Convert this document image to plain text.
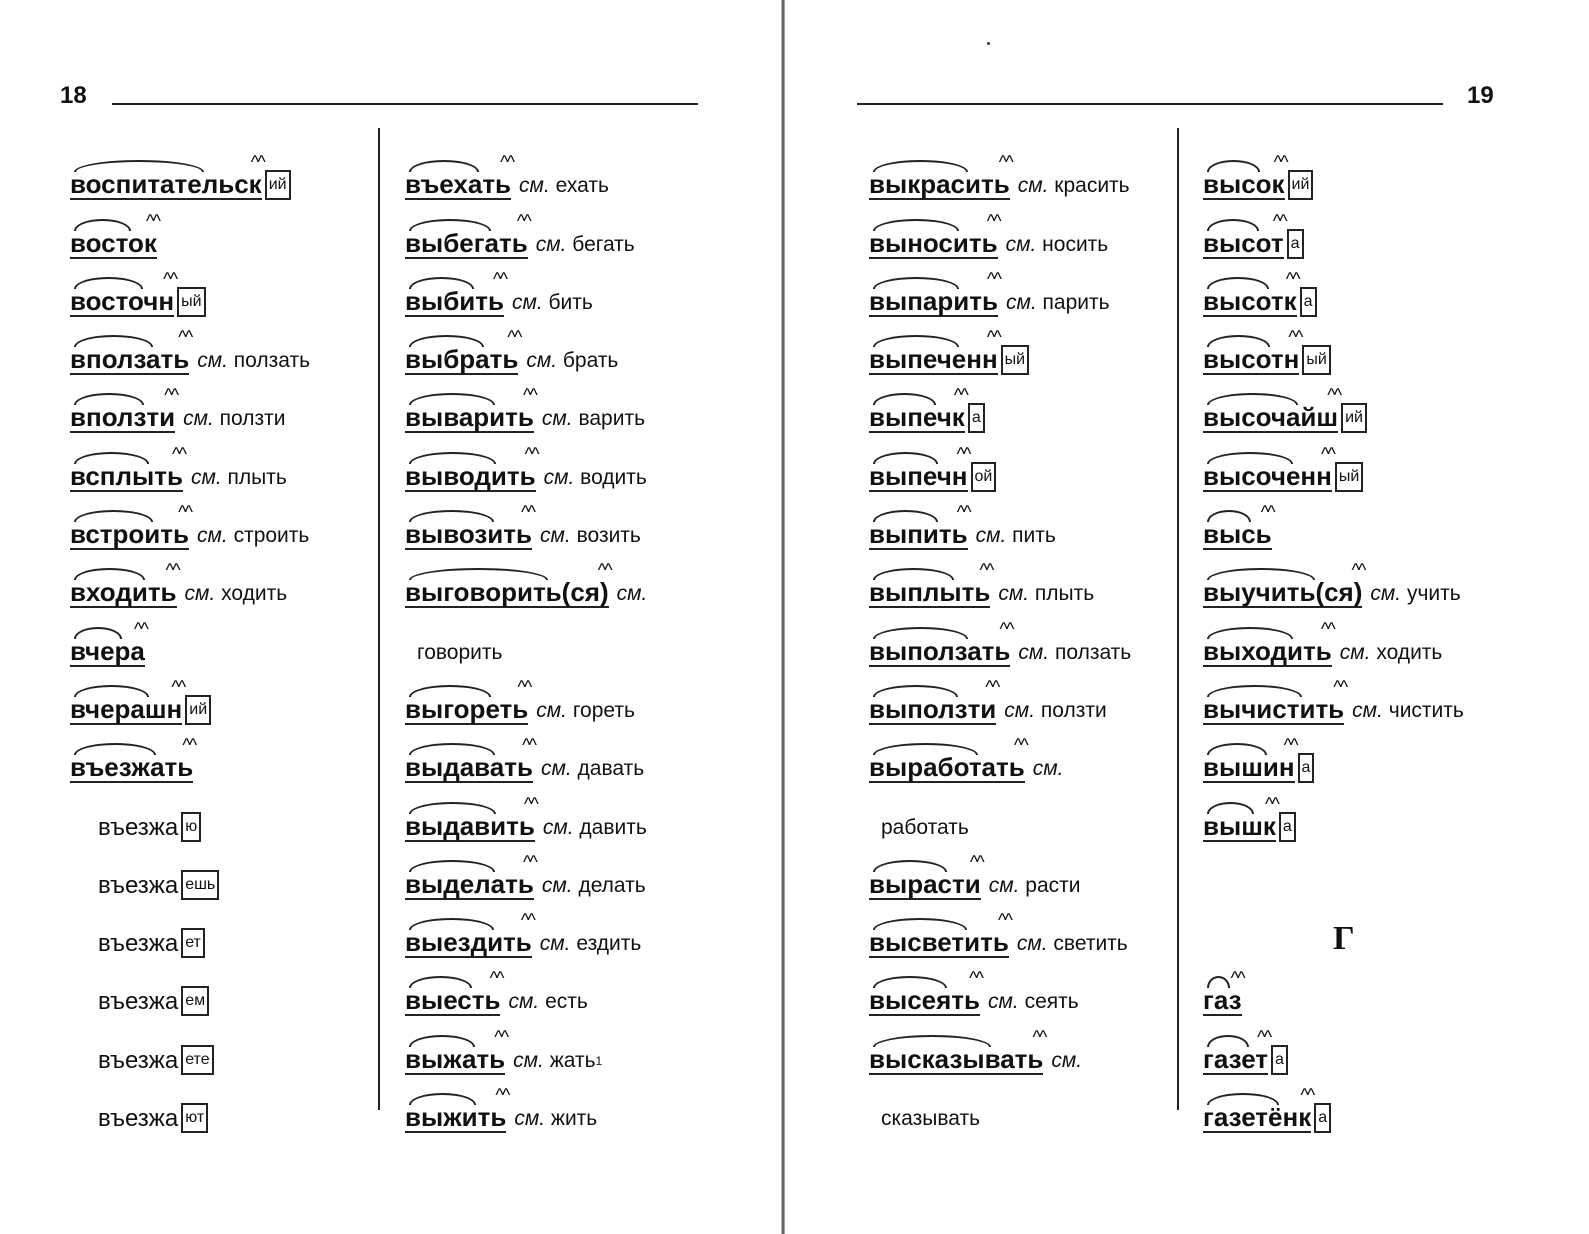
18
воспитательск ^^ ий
восток ^^
восточн ^^ ый
вползать ^^ см. ползать
вползти ^^ см. ползти
всплыть ^^ см. плыть
встроить ^^ см. строить
входить ^^ см. ходить
вчера ^^
вчерашн ^^ ий
въезжать ^^
въезжа ю
въезжа ешь
въезжа ет
въезжа ем
въезжа ете
въезжа ют
въехать ^^ см. ехать
выбегать ^^ см. бегать
выбить ^^ см. бить
выбрать ^^ см. брать
выварить ^^ см. варить
выводить ^^ см. водить
вывозить ^^ см. возить
выговорить(ся) ^^ см.
говорить
выгореть ^^ см. гореть
выдавать ^^ см. давать
выдавить ^^ см. давить
выделать ^^ см. делать
выездить ^^ см. ездить
выесть ^^ см. есть
выжать ^^ см. жать$^1$
выжить ^^ см. жить
19
выкрасить ^^ см. красить
выносить ^^ см. носить
выпарить ^^ см. парить
выпеченн ^^ ый
выпечк ^^ а
выпечн ^^ ой
выпить ^^ см. пить
выплыть ^^ см. плыть
выползать ^^ см. ползать
выползти ^^ см. ползти
выработать ^^ см.
работать
вырасти ^^ см. расти
высветить ^^ см. светить
высеять ^^ см. сеять
высказывать ^^ см.
сказывать
высок ^^ ий
высот ^^ а
высотк ^^ а
высотн ^^ ый
высочайш ^^ ий
высоченн ^^ ый
высь ^^
выучить(ся) ^^ см. учить
выходить ^^ см. ходить
вычистить ^^ см. чистить
вышин ^^ а
вышк ^^ а
Г
газ ^^
газет ^^ а
газетёнк ^^ а
